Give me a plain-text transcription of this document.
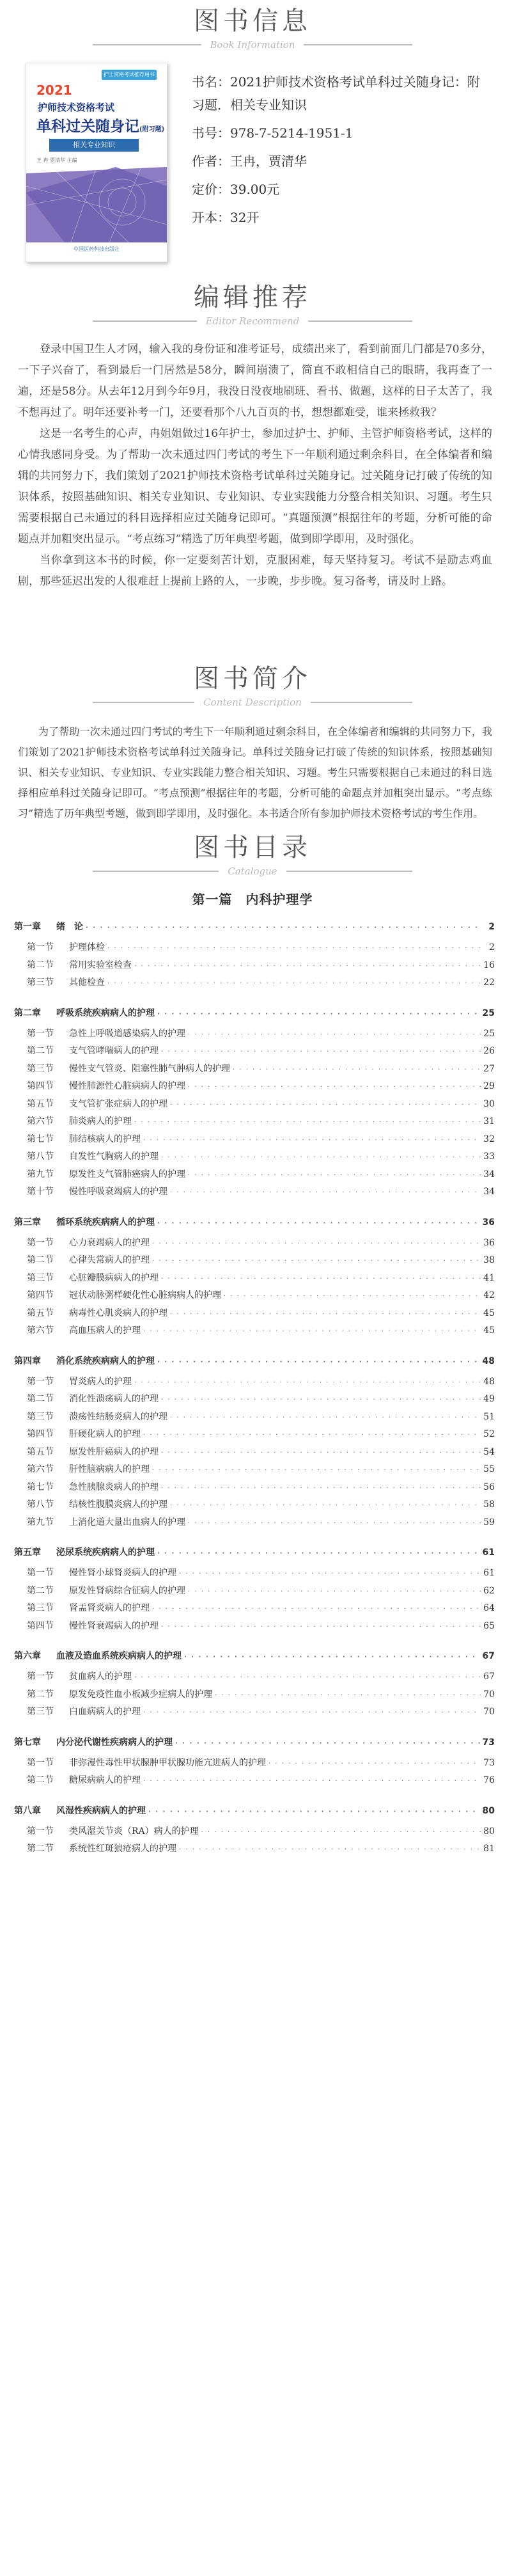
图书信息
Book Information
护士资格考试推荐用书
2021
护师技术资格考试
单科过关随身记(附习题)
相关专业知识
王 冉 贾清华 主编
中国医药科技出版社
书名：2021护师技术资格考试单科过关随身记：附习题．相关专业知识
书号：978-7-5214-1951-1
作者：王冉，贾清华
定价：39.00元
开本：32开
编辑推荐
Editor Recommend

登录中国卫生人才网，输入我的身份证和准考证号，成绩出来了，看到前面几门都是70多分，一下子兴奋了，看到最后一门居然是58分，瞬间崩溃了，简直不敢相信自己的眼睛，我再查了一遍，还是58分。从去年12月到今年9月，我没日没夜地刷班、看书、做题，这样的日子太苦了，我不想再过了。明年还要补考一门，还要看那个八九百页的书，想想都难受，谁来拯救我？

这是一名考生的心声，冉姐姐做过16年护士，参加过护士、护师、主管护师资格考试，这样的心情我感同身受。为了帮助一次未通过四门考试的考生下一年顺利通过剩余科目，在全体编者和编辑的共同努力下，我们策划了2021护师技术资格考试单科过关随身记。过关随身记打破了传统的知识体系，按照基础知识、相关专业知识、专业知识、专业实践能力分整合相关知识、习题。考生只需要根据自己未通过的科目选择相应过关随身记即可。“真题预测”根据往年的考题，分析可能的命题点并加粗突出显示。“考点练习”精选了历年典型考题，做到即学即用，及时强化。

当你拿到这本书的时候，你一定要刻苦计划，克服困难，每天坚持复习。考试不是励志鸡血剧，那些延迟出发的人很难赶上提前上路的人，一步晚，步步晚。复习备考，请及时上路。

图书简介
Content Description

为了帮助一次未通过四门考试的考生下一年顺利通过剩余科目，在全体编者和编辑的共同努力下，我们策划了2021护师技术资格考试单科过关随身记。单科过关随身记打破了传统的知识体系，按照基础知识、相关专业知识、专业知识、专业实践能力整合相关知识、习题。考生只需要根据自己未通过的科目选择相应单科过关随身记即可。“考点预测”根据往年的考题，分析可能的命题点并加粗突出显示。“考点练习”精选了历年典型考题，做到即学即用，及时强化。本书适合所有参加护师技术资格考试的考生作用。

图书目录
Catalogue
第一篇　内科护理学
第一章	绪　论 · · ·	2
第一节	护理体检 · · ·	2
第二节	常用实验室检查 · · ·	16
第三节	其他检查 · · ·	22
第二章	呼吸系统疾病病人的护理 · · ·	25
第一节	急性上呼吸道感染病人的护理 · · ·	25
第二节	支气管哮喘病人的护理 · · ·	26
第三节	慢性支气管炎、阻塞性肺气肿病人的护理 · · ·	27
第四节	慢性肺源性心脏病病人的护理 · · ·	29
第五节	支气管扩张症病人的护理 · · ·	30
第六节	肺炎病人的护理 · · ·	31
第七节	肺结核病人的护理 · · ·	32
第八节	自发性气胸病人的护理 · · ·	33
第九节	原发性支气管肺癌病人的护理 · · ·	34
第十节	慢性呼吸衰竭病人的护理 · · ·	34
第三章	循环系统疾病病人的护理 · · ·	36
第一节	心力衰竭病人的护理 · · ·	36
第二节	心律失常病人的护理 · · ·	38
第三节	心脏瓣膜病病人的护理 · · ·	41
第四节	冠状动脉粥样硬化性心脏病病人的护理 · · ·	42
第五节	病毒性心肌炎病人的护理 · · ·	45
第六节	高血压病人的护理 · · ·	45
第四章	消化系统疾病病人的护理 · · ·	48
第一节	胃炎病人的护理 · · ·	48
第二节	消化性溃疡病人的护理 · · ·	49
第三节	溃疡性结肠炎病人的护理 · · ·	51
第四节	肝硬化病人的护理 · · ·	52
第五节	原发性肝癌病人的护理 · · ·	54
第六节	肝性脑病病人的护理 · · ·	55
第七节	急性胰腺炎病人的护理 · · ·	56
第八节	结核性腹膜炎病人的护理 · · ·	58
第九节	上消化道大量出血病人的护理 · · ·	59
第五章	泌尿系统疾病病人的护理 · · ·	61
第一节	慢性肾小球肾炎病人的护理 · · ·	61
第二节	原发性肾病综合征病人的护理 · · ·	62
第三节	肾盂肾炎病人的护理 · · ·	64
第四节	慢性肾衰竭病人的护理 · · ·	65
第六章	血液及造血系统疾病病人的护理 · · ·	67
第一节	贫血病人的护理 · · ·	67
第二节	原发免疫性血小板减少症病人的护理 · · ·	70
第三节	白血病病人的护理 · · ·	70
第七章	内分泌代谢性疾病病人的护理 · · ·	73
第一节	非弥漫性毒性甲状腺肿甲状腺功能亢进病人的护理 · · ·	73
第二节	糖尿病病人的护理 · · ·	76
第八章	风湿性疾病病人的护理 · · ·	80
第一节	类风湿关节炎（RA）病人的护理 · · ·	80
第二节	系统性红斑狼疮病人的护理 · · ·	81
